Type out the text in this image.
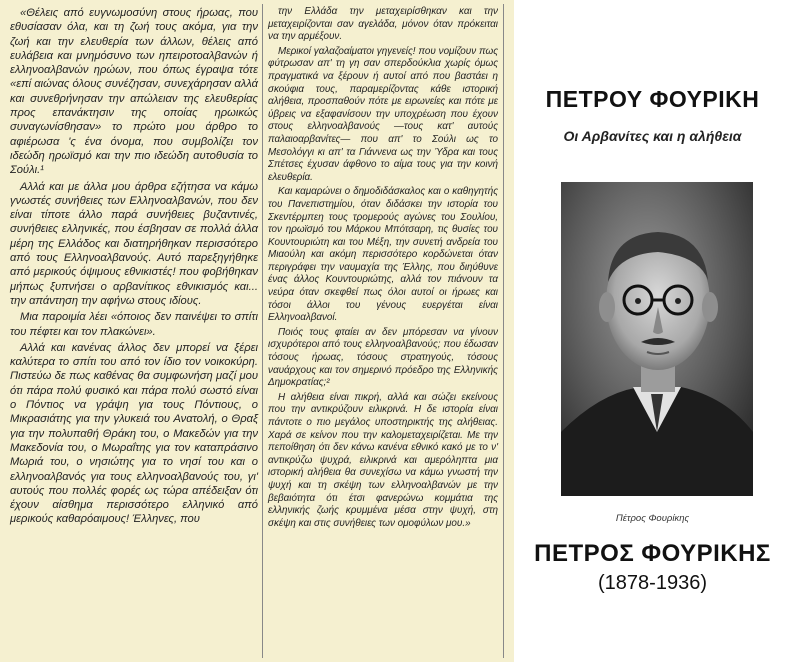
«Θέλεις από ευγνωμοσύνη στους ήρωας, που εθυσίασαν όλα, και τη ζωή τους ακόμα, για την ζωή και την ελευθερία των άλλων, θέλεις από ευλάβεια και μνημόσυνο των ηπειροτοαλβανών ή ελληνοαλβανών ηρώων, που όπως έγραψα τότε «επί αιώνας όλους συνέζησαν, συνεχάρησαν αλλά και συνεθρήνησαν την απώλειαν της ελευθερίας προς επανάκτησιν της οποίας ηρωικώς συναγωνίσθησαν» το πρώτο μου άρθρο το αφιέρωσα 'ς ένα όνομα, που συμβολίζει τον ιδεώδη ηρωϊσμό και την πιο ιδεώδη αυτοθυσία το Σούλι.¹

Αλλά και με άλλα μου άρθρα εζήτησα να κάμω γνωστές συνήθειες των Ελληνοαλβανών, που δεν είναι τίποτε άλλο παρά συνήθειες βυζαντινές, συνήθειες ελληνικές, που έσβησαν σε πολλά άλλα μέρη της Ελλάδος και διατηρήθηκαν περισσότερο από τους Ελληνοαλβανούς. Αυτό παρεξηγήθηκε από μερικούς όψιμους εθνικιστές! που φοβήθηκαν μήπως ξυπνήσει ο αρβανίτικος εθνικισμός και... την απάντηση την αφήνω στους ιδίους.

Μια παροιμία λέει «όποιος δεν παινέψει το σπίτι του πέφτει και τον πλακώνει».

Αλλά και κανένας άλλος δεν μπορεί να ξέρει καλύτερα το σπίτι του από τον ίδιο τον νοικοκύρη. Πιστεύω δε πως καθένας θα συμφωνήση μαζί μου ότι πάρα πολύ φυσικό και πάρα πολύ σωστό είναι ο Πόντιος να γράψη για τους Πόντιους, ο Μικρασιάτης για την γλυκειά του Ανατολή, ο Θραξ για την πολυπαθή Θράκη του, ο Μακεδών για την Μακεδονία του, ο Μωραΐτης για τον καταπράσινο Μωριά του, ο νησιώτης για το νησί του και ο ελληνοαλβανός για τους ελληνοαλβανούς του, γι' αυτούς που πολλές φορές ως τώρα απέδειξαν ότι έχουν αίσθημα περισσότερο ελληνικό από μερικούς καθαρόαιμους! Έλληνες, που

την Ελλάδα την μεταχειρίσθηκαν και την μεταχειρίζονται σαν αγελάδα, μόνον όταν πρόκειται να την αρμέξουν.

Μερικοί γαλαζοαίματοι γηγενείς! που νομίζουν πως φύτρωσαν απ' τη γη σαν σπερδούκλια χωρίς όμως πραγματικά να ξέρουν ή αυτοί από που βαστάει η σκούφια τους, παραμερίζοντας κάθε ιστορική αλήθεια, προσπαθούν πότε με ειρωνείες και πότε με ύβρεις να εξαφανίσουν την υποχρέωση που έχουν στους ελληνοαλβανούς —τους κατ' αυτούς παλαιοαρβανίτες— που απ' το Σούλι ως το Μεσολόγγι κι απ' τα Γιάννενα ως την Ύδρα και τους Σπέτσες έχυσαν άφθονο το αίμα τους για την κοινή ελευθερία.

Και καμαρώνει ο δημοδιδάσκαλος και ο καθηγητής του Πανεπιστημίου, όταν διδάσκει την ιστορία του Σκεντέρμπεη τους τρομερούς αγώνες του Σουλίου, τον ηρωϊσμό του Μάρκου Μπότσαρη, τις θυσίες του Κουντουριώτη και του Μέξη, την συνετή ανδρεία του Μιαούλη και ακόμη περισσότερο κορδώνεται όταν περιγράφει την ναυμαχία της Έλλης, που διηύθυνε ένας άλλος Κουντουριώτης, αλλά τον πιάνουν τα νεύρα όταν σκεφθεί πως όλοι αυτοί οι ήρωες και τόσοι άλλοι του γένους ευεργέται είναι Ελληνοαλβανοί.

Ποιός τους φταίει αν δεν μπόρεσαν να γίνουν ισχυρότεροι από τους ελληνοαλβανούς; που έδωσαν τόσους ήρωας, τόσους στρατηγούς, τόσους ναυάρχους και τον σημερινό πρόεδρο της Ελληνικής Δημοκρατίας;²

Η αλήθεια είναι πικρή, αλλά και σώζει εκείνους που την αντικρύζουν ειλικρινά. Η δε ιστορία είναι πάντοτε ο πιο μεγάλος υποστηρικτής της αλήθειας. Χαρά σε κείνον που την καλομεταχειρίζεται. Με την πεποίθηση ότι δεν κάνω κανένα εθνικό κακό με το ν' αντικρύζω ψυχρά, ειλικρινά και αμερόληπτα μια ιστορική αλήθεια θα συνεχίσω να κάμω γνωστή την ψυχή και τη σκέψη των ελληνοαλβανών με την βεβαιότητα ότι έτσι φανερώνω κομμάτια της ελληνικής ζωής κρυμμένα μέσα στην ψυχή, στη σκέψη και στις συνήθειες των ομοφύλων μου.»

ΠΕΤΡΟΥ ΦΟΥΡΙΚΗ
Οι Αρβανίτες και η αλήθεια
Πέτρος Φουρίκης
ΠΕΤΡΟΣ ΦΟΥΡΙΚΗΣ
(1878-1936)
